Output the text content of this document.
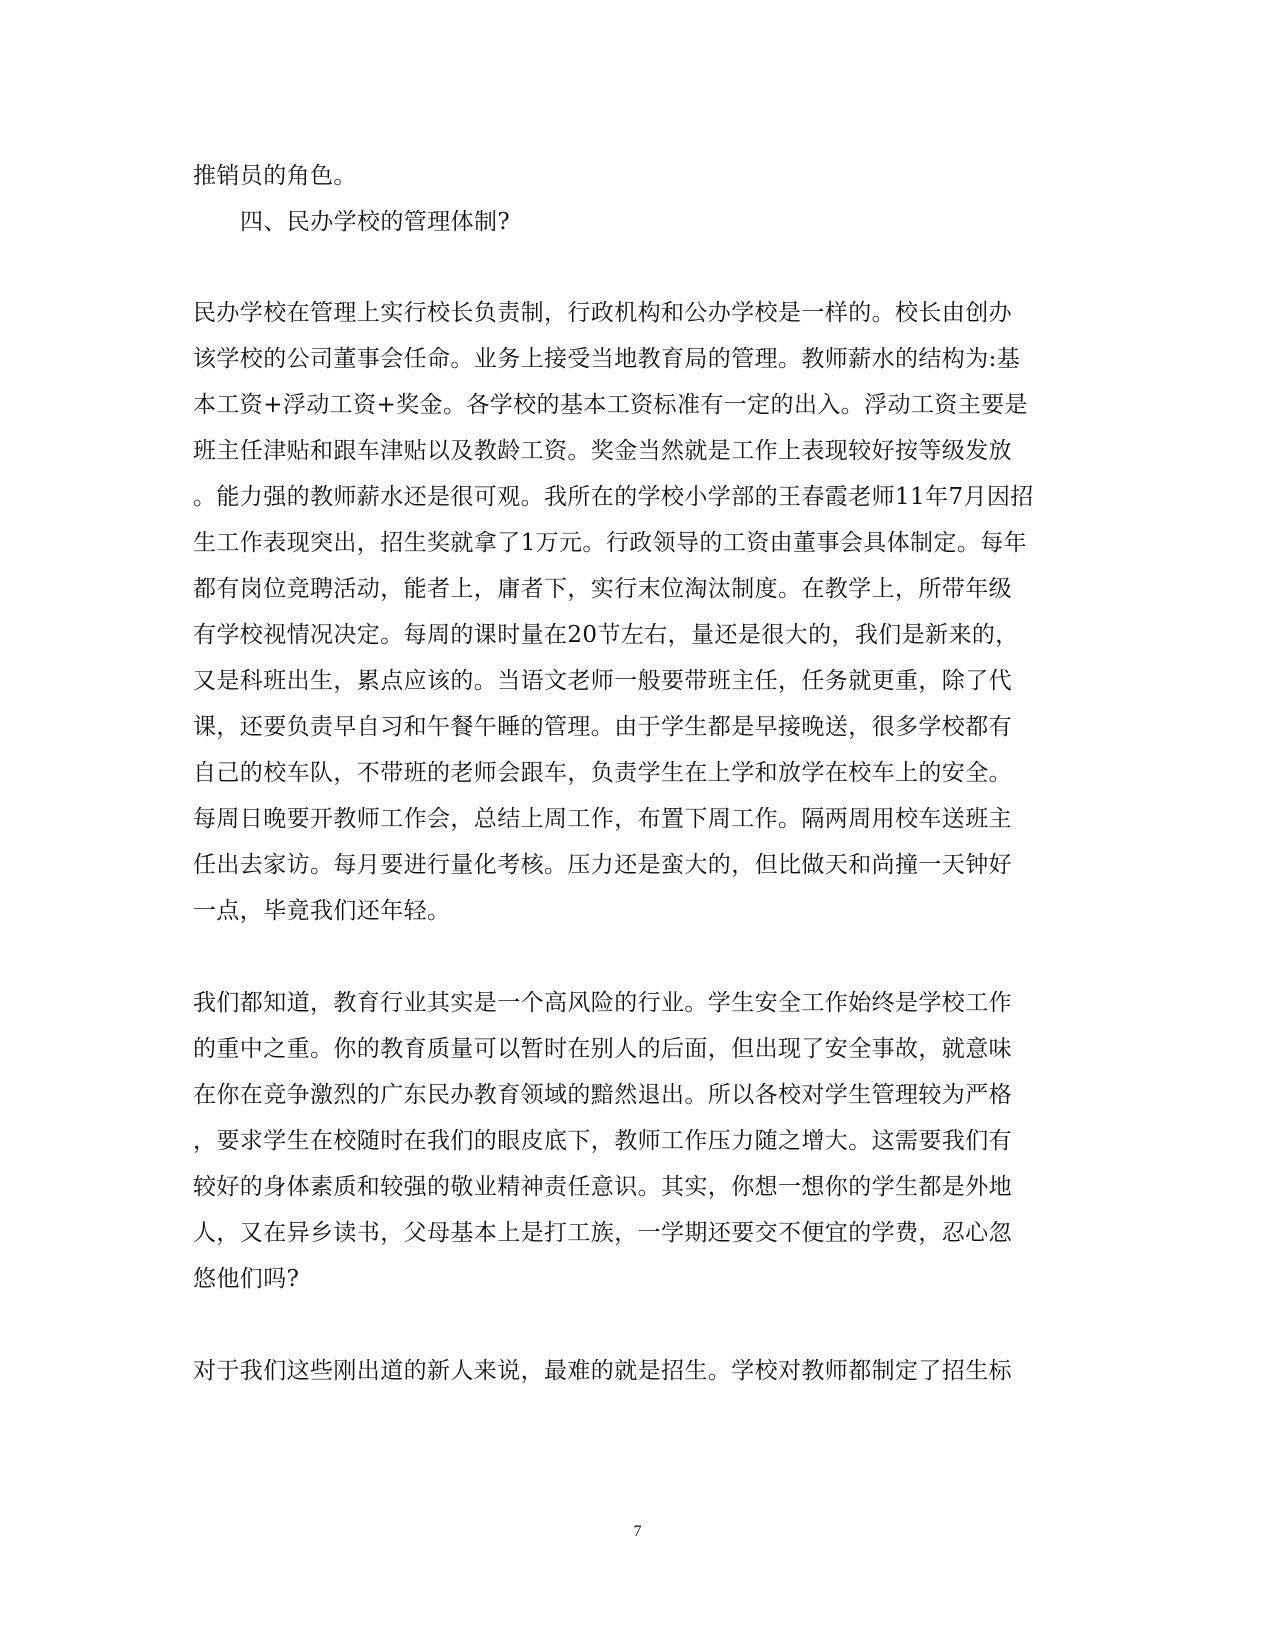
推销员的角色。
四、民办学校的管理体制?
民办学校在管理上实行校长负责制，行政机构和公办学校是一样的。校长由创办
该学校的公司董事会任命。业务上接受当地教育局的管理。教师薪水的结构为:基
本工资+浮动工资+奖金。各学校的基本工资标准有一定的出入。浮动工资主要是
班主任津贴和跟车津贴以及教龄工资。奖金当然就是工作上表现较好按等级发放
。能力强的教师薪水还是很可观。我所在的学校小学部的王春霞老师11年7月因招
生工作表现突出，招生奖就拿了1万元。行政领导的工资由董事会具体制定。每年
都有岗位竞聘活动，能者上，庸者下，实行末位淘汰制度。在教学上，所带年级
有学校视情况决定。每周的课时量在20节左右，量还是很大的，我们是新来的，
又是科班出生，累点应该的。当语文老师一般要带班主任，任务就更重，除了代
课，还要负责早自习和午餐午睡的管理。由于学生都是早接晚送，很多学校都有
自己的校车队，不带班的老师会跟车，负责学生在上学和放学在校车上的安全。
每周日晚要开教师工作会，总结上周工作，布置下周工作。隔两周用校车送班主
任出去家访。每月要进行量化考核。压力还是蛮大的，但比做天和尚撞一天钟好
一点，毕竟我们还年轻。
我们都知道，教育行业其实是一个高风险的行业。学生安全工作始终是学校工作
的重中之重。你的教育质量可以暂时在别人的后面，但出现了安全事故，就意味
在你在竞争激烈的广东民办教育领域的黯然退出。所以各校对学生管理较为严格
，要求学生在校随时在我们的眼皮底下，教师工作压力随之增大。这需要我们有
较好的身体素质和较强的敬业精神责任意识。其实，你想一想你的学生都是外地
人，又在异乡读书，父母基本上是打工族，一学期还要交不便宜的学费，忍心忽
悠他们吗?
对于我们这些刚出道的新人来说，最难的就是招生。学校对教师都制定了招生标
7
